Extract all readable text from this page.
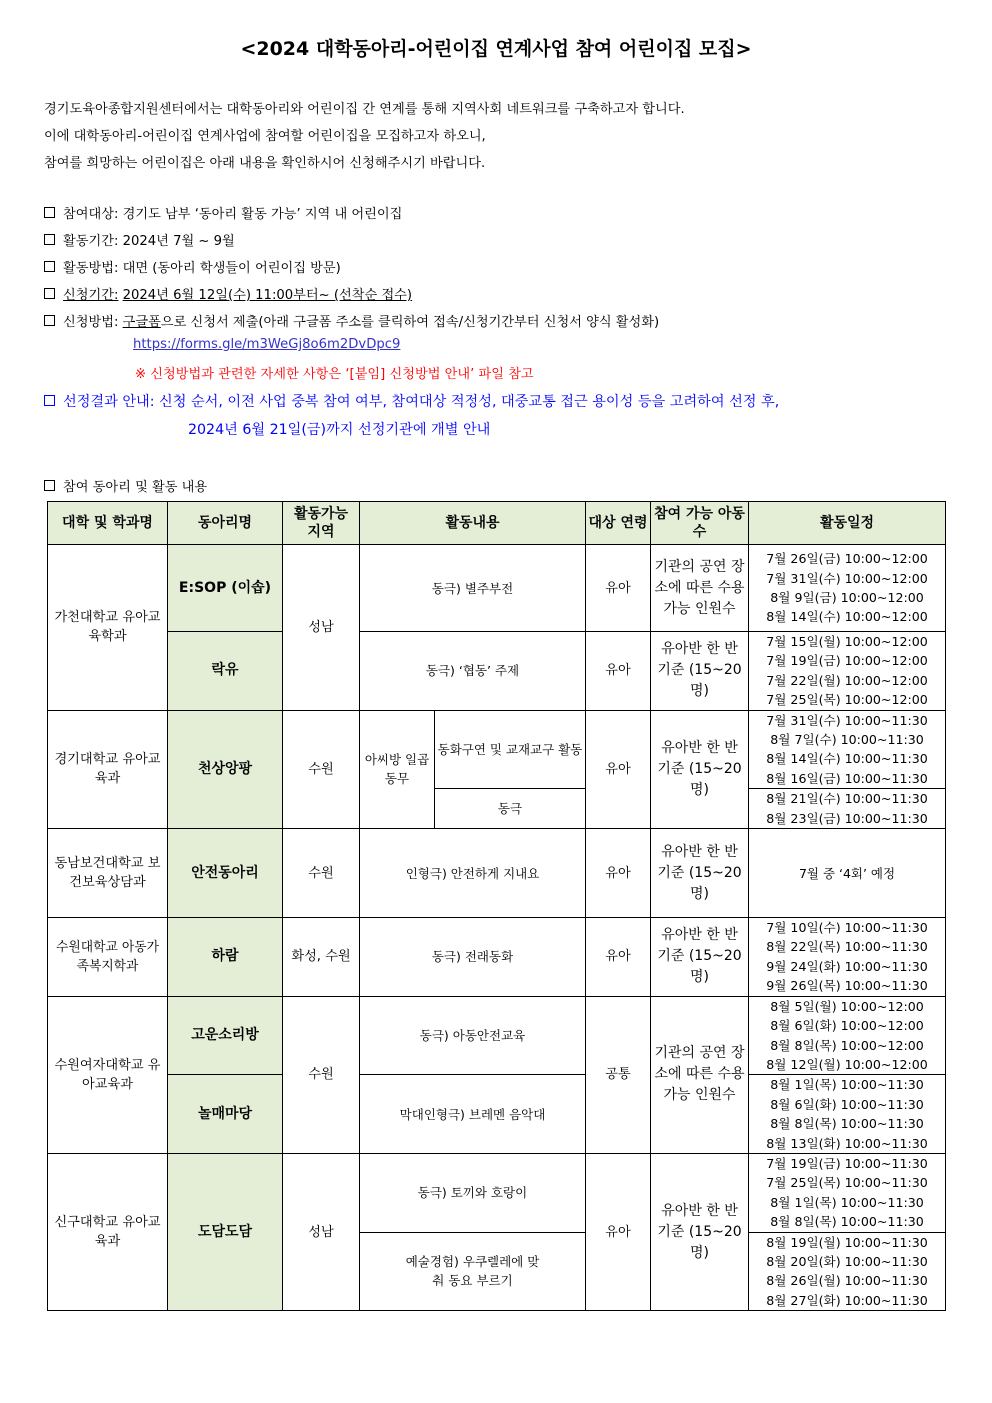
<2024 대학동아리-어린이집 연계사업 참여 어린이집 모집>
경기도육아종합지원센터에서는 대학동아리와 어린이집 간 연계를 통해 지역사회 네트워크를 구축하고자 합니다.
이에 대학동아리-어린이집 연계사업에 참여할 어린이집을 모집하고자 하오니,
참여를 희망하는 어린이집은 아래 내용을 확인하시어 신청해주시기 바랍니다.
참여대상: 경기도 남부 ‘동아리 활동 가능’ 지역 내 어린이집
활동기간: 2024년 7월 ~ 9월
활동방법: 대면 (동아리 학생들이 어린이집 방문)
신청기간: 2024년 6월 12일(수) 11:00부터~ (선착순 접수)
신청방법: 구글폼으로 신청서 제출(아래 구글폼 주소를 클릭하여 접속/신청기간부터 신청서 양식 활성화)
https://forms.gle/m3WeGj8o6m2DvDpc9
※ 신청방법과 관련한 자세한 사항은 ‘[붙임] 신청방법 안내’ 파일 참고
선정결과 안내: 신청 순서, 이전 사업 중복 참여 여부, 참여대상 적정성, 대중교통 접근 용이성 등을 고려하여 선정 후,
2024년 6월 21일(금)까지 선정기관에 개별 안내
참여 동아리 및 활동 내용
대학 및 학과명	동아리명	활동가능 지역	활동내용		대상 연령	참여 가능 아동 수	활동일정
가천대학교 유아교육학과	E:SOP (이솝)	성남	동극) 별주부전		유아	기관의 공연 장소에 따른 수용 가능 인원수	7월 26일(금) 10:00~12:00
7월 31일(수) 10:00~12:00
8월 9일(금) 10:00~12:00
8월 14일(수) 10:00~12:00

	락유		동극) ‘협동’ 주제		유아	유아반 한 반 기준 (15~20명)	7월 15일(월) 10:00~12:00
7월 19일(금) 10:00~12:00
7월 22일(월) 10:00~12:00
7월 25일(목) 10:00~12:00

경기대학교 유아교육과	천상앙팡	수원	아씨방 일곱동무	동화구연 및 교재교구 활동	유아	유아반 한 반 기준 (15~20명)	7월 31일(수) 10:00~11:30
8월 7일(수) 10:00~11:30
8월 14일(수) 10:00~11:30
8월 16일(금) 10:00~11:30

				동극			8월 21일(수) 10:00~11:30
8월 23일(금) 10:00~11:30

동남보건대학교 보건보육상담과	안전동아리	수원	인형극) 안전하게 지내요		유아	유아반 한 반 기준 (15~20명)	7월 중 ‘4회’ 예정
수원대학교 아동가족복지학과	하람	화성, 수원	동극) 전래동화		유아	유아반 한 반 기준 (15~20명)	7월 10일(수) 10:00~11:30
8월 22일(목) 10:00~11:30
9월 24일(화) 10:00~11:30
9월 26일(목) 10:00~11:30

수원여자대학교 유아교육과	고운소리방	수원	동극) 아동안전교육		공통	기관의 공연 장소에 따른 수용 가능 인원수	8월 5일(월) 10:00~12:00
8월 6일(화) 10:00~12:00
8월 8일(목) 10:00~12:00
8월 12일(월) 10:00~12:00

	놀매마당		막대인형극) 브레멘 음악대				8월 1일(목) 10:00~11:30
8월 6일(화) 10:00~11:30
8월 8일(목) 10:00~11:30
8월 13일(화) 10:00~11:30

신구대학교 유아교육과	도담도담	성남	동극) 토끼와 호랑이		유아	유아반 한 반 기준 (15~20명)	7월 19일(금) 10:00~11:30
7월 25일(목) 10:00~11:30
8월 1일(목) 10:00~11:30
8월 8일(목) 10:00~11:30

			예술경험) 우쿠렐레에 맞춰 동요 부르기				8월 19일(월) 10:00~11:30
8월 20일(화) 10:00~11:30
8월 26일(월) 10:00~11:30
8월 27일(화) 10:00~11:30
